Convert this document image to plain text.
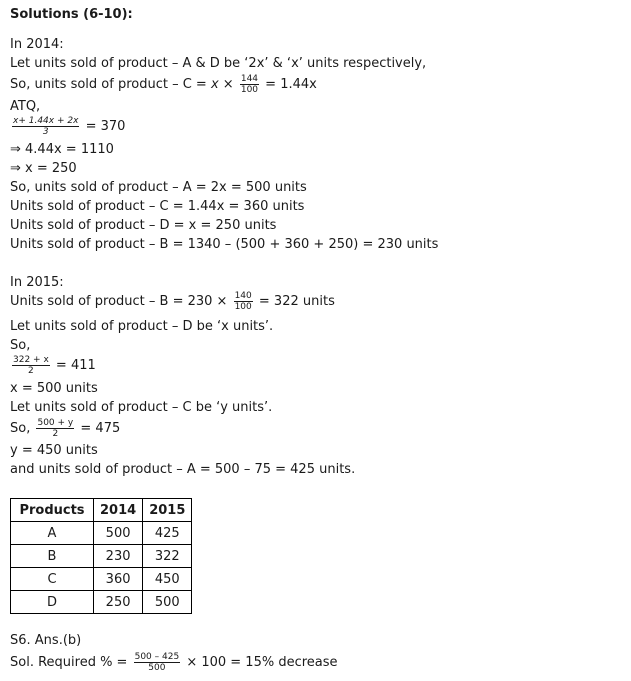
Solutions (6-10):
In 2014:
Let units sold of product – A & D be ‘2x’ & ‘x’ units respectively,
So, units sold of product – $C = x \times \frac{144}{100} = 1.44x$
ATQ,
$\frac{x+ 1.44x + 2x}{3} = 370$
⇒ 4.44x = 1110
⇒ x = 250
So, units sold of product – A = 2x = 500 units
Units sold of product – C = 1.44x = 360 units
Units sold of product – D = x = 250 units
Units sold of product – B = 1340 – (500 + 360 + 250) = 230 units
In 2015:
Units sold of product – $B = 230 \times \frac{140}{100} = 322$ units
Let units sold of product – D be ‘x units’.
So,
$\frac{322 + x}{2} = 411$
x = 500 units
Let units sold of product – C be ‘y units’.
So, $\frac{500 + y}{2} = 475$
y = 450 units
and units sold of product – A = 500 – 75 = 425 units.
Products	2014	2015
A	500	425
B	230	322
C	360	450
D	250	500
S6. Ans.(b)
Sol. Required % = $\frac{500 - 425}{500} \times 100 = 15\%$ decrease
